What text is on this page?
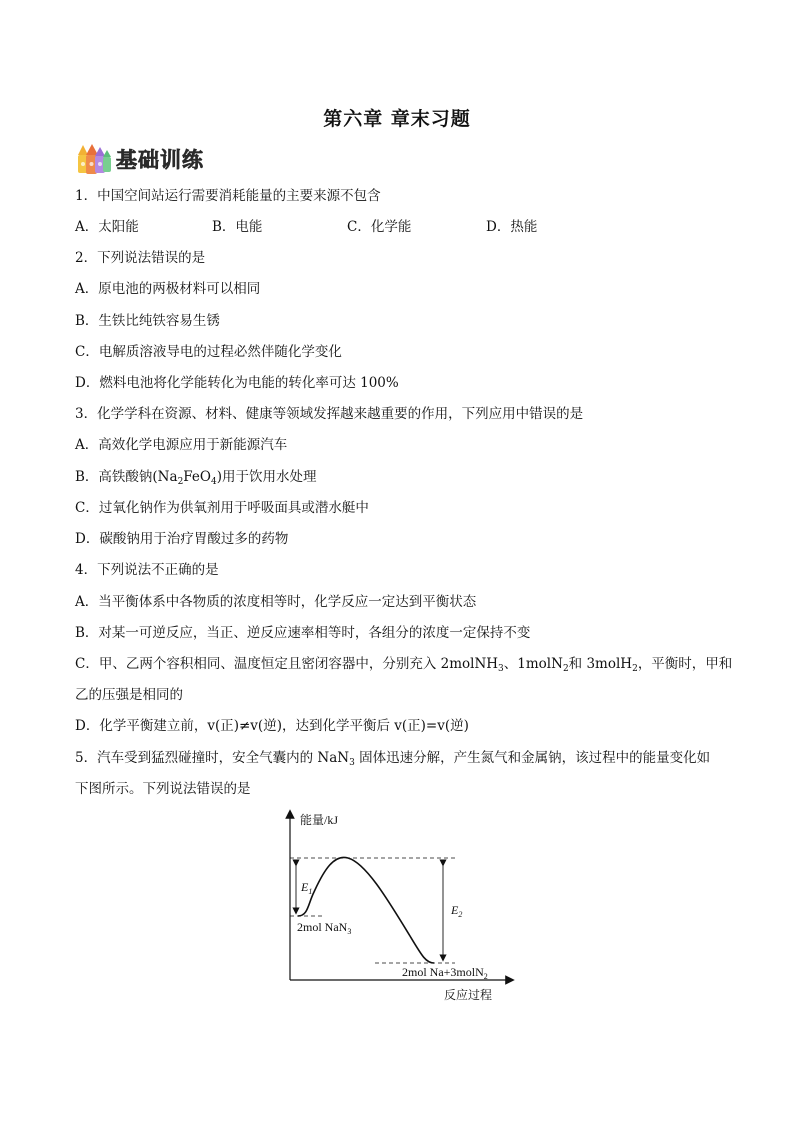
第六章 章末习题
基础训练
1．中国空间站运行需要消耗能量的主要来源不包含
A．太阳能	B．电能	C．化学能	D．热能
2．下列说法错误的是
A．原电池的两极材料可以相同
B．生铁比纯铁容易生锈
C．电解质溶液导电的过程必然伴随化学变化
D．燃料电池将化学能转化为电能的转化率可达 100%
3．化学学科在资源、材料、健康等领域发挥越来越重要的作用，下列应用中错误的是
A．高效化学电源应用于新能源汽车
B．高铁酸钠$(Na_2FeO_4)$用于饮用水处理
C．过氧化钠作为供氧剂用于呼吸面具或潜水艇中
D．碳酸钠用于治疗胃酸过多的药物
4．下列说法不正确的是
A．当平衡体系中各物质的浓度相等时，化学反应一定达到平衡状态
B．对某一可逆反应，当正、逆反应速率相等时，各组分的浓度一定保持不变
C．甲、乙两个容积相同、温度恒定且密闭容器中，分别充入 2molNH$_3$、1molN$_2$和 3molH$_2$，平衡时，甲和
乙的压强是相同的
D．化学平衡建立前，v(正)≠v(逆)，达到化学平衡后 v(正)=v(逆)
5．汽车受到猛烈碰撞时，安全气囊内的 NaN$_3$ 固体迅速分解，产生氮气和金属钠，该过程中的能量变化如
下图所示。下列说法错误的是
$E_1$
$E_2$
能量/kJ
2mol NaN$_3$
2mol Na+3molN$_2$
反应过程
